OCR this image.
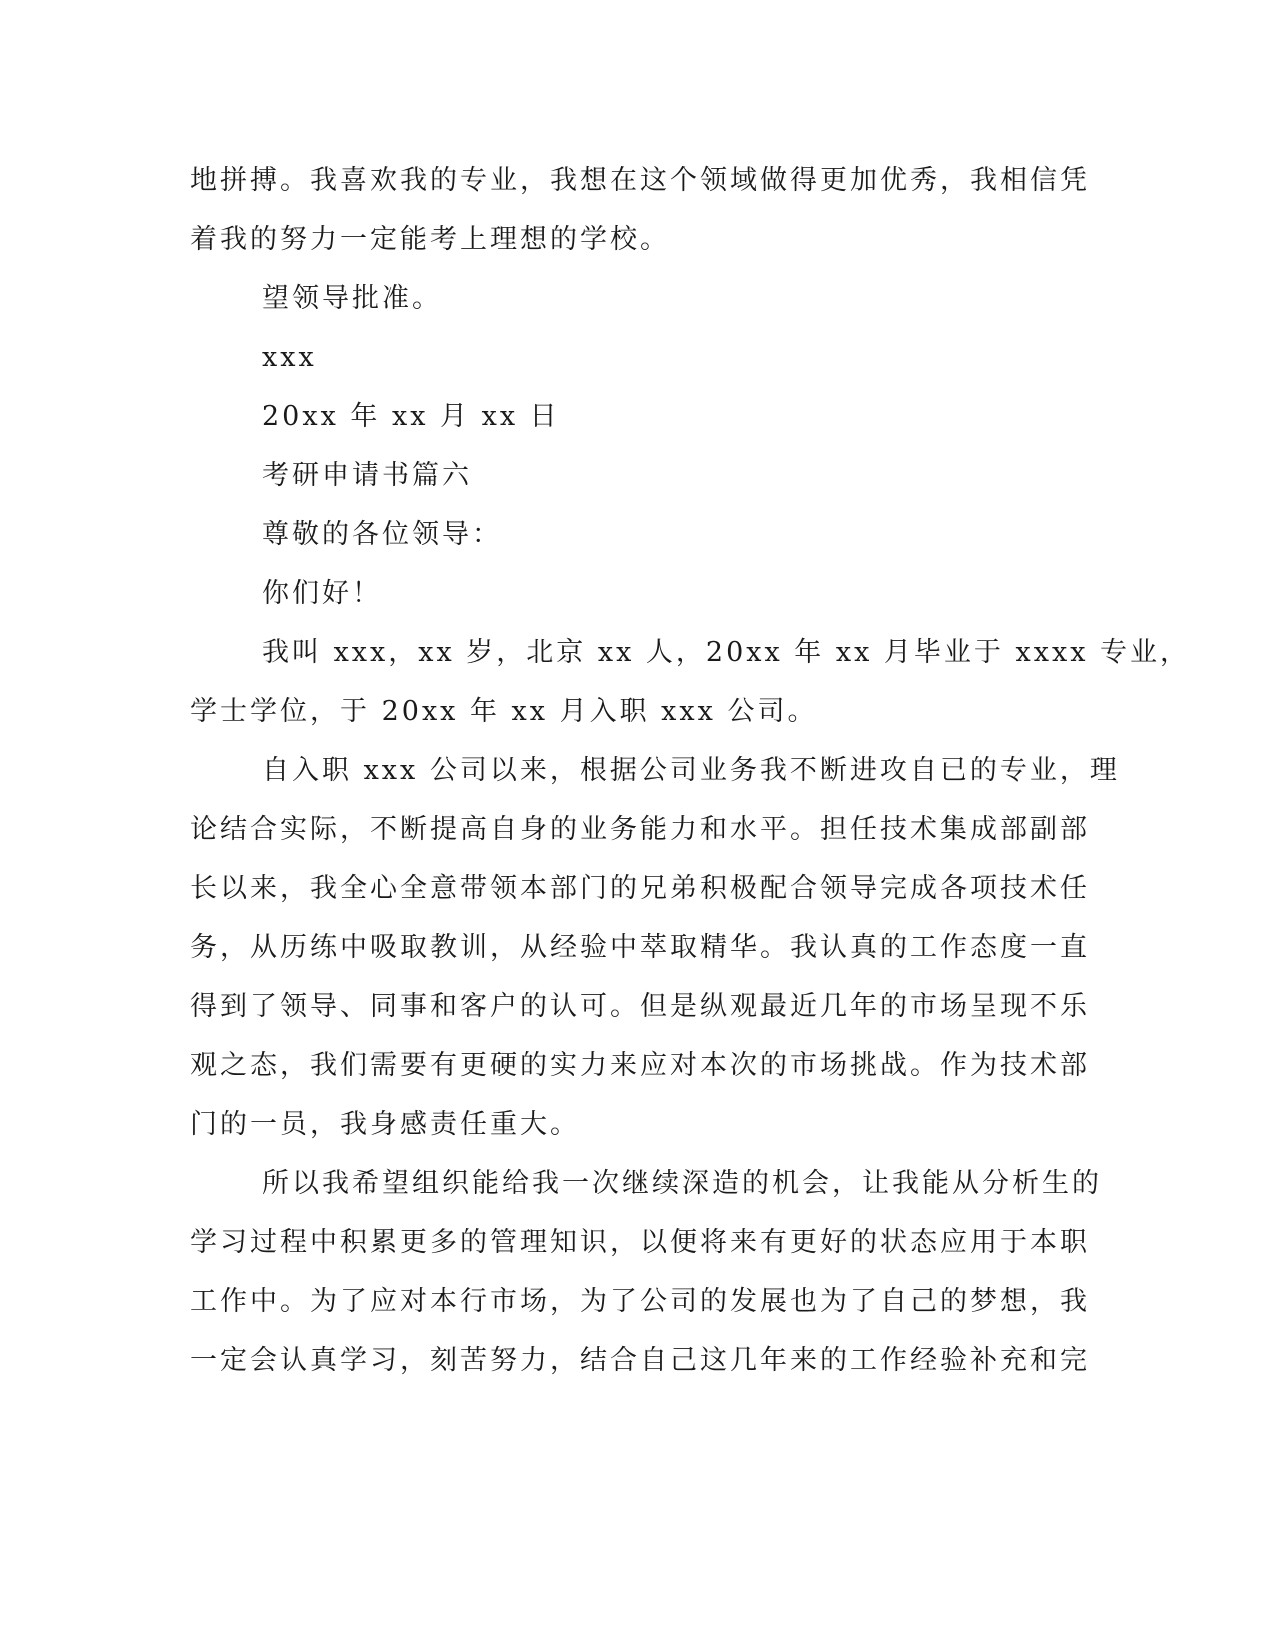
地拼搏。我喜欢我的专业，我想在这个领域做得更加优秀，我相信凭
着我的努力一定能考上理想的学校。
望领导批准。
xxx
20xx 年 xx 月 xx 日
考研申请书篇六
尊敬的各位领导：
你们好！
我叫 xxx，xx 岁，北京 xx 人，20xx 年 xx 月毕业于 xxxx 专业，
学士学位，于 20xx 年 xx 月入职 xxx 公司。
自入职 xxx 公司以来，根据公司业务我不断进攻自已的专业，理
论结合实际，不断提高自身的业务能力和水平。担任技术集成部副部
长以来，我全心全意带领本部门的兄弟积极配合领导完成各项技术任
务，从历练中吸取教训，从经验中萃取精华。我认真的工作态度一直
得到了领导、同事和客户的认可。但是纵观最近几年的市场呈现不乐
观之态，我们需要有更硬的实力来应对本次的市场挑战。作为技术部
门的一员，我身感责任重大。
所以我希望组织能给我一次继续深造的机会，让我能从分析生的
学习过程中积累更多的管理知识，以便将来有更好的状态应用于本职
工作中。为了应对本行市场，为了公司的发展也为了自己的梦想，我
一定会认真学习，刻苦努力，结合自己这几年来的工作经验补充和完
